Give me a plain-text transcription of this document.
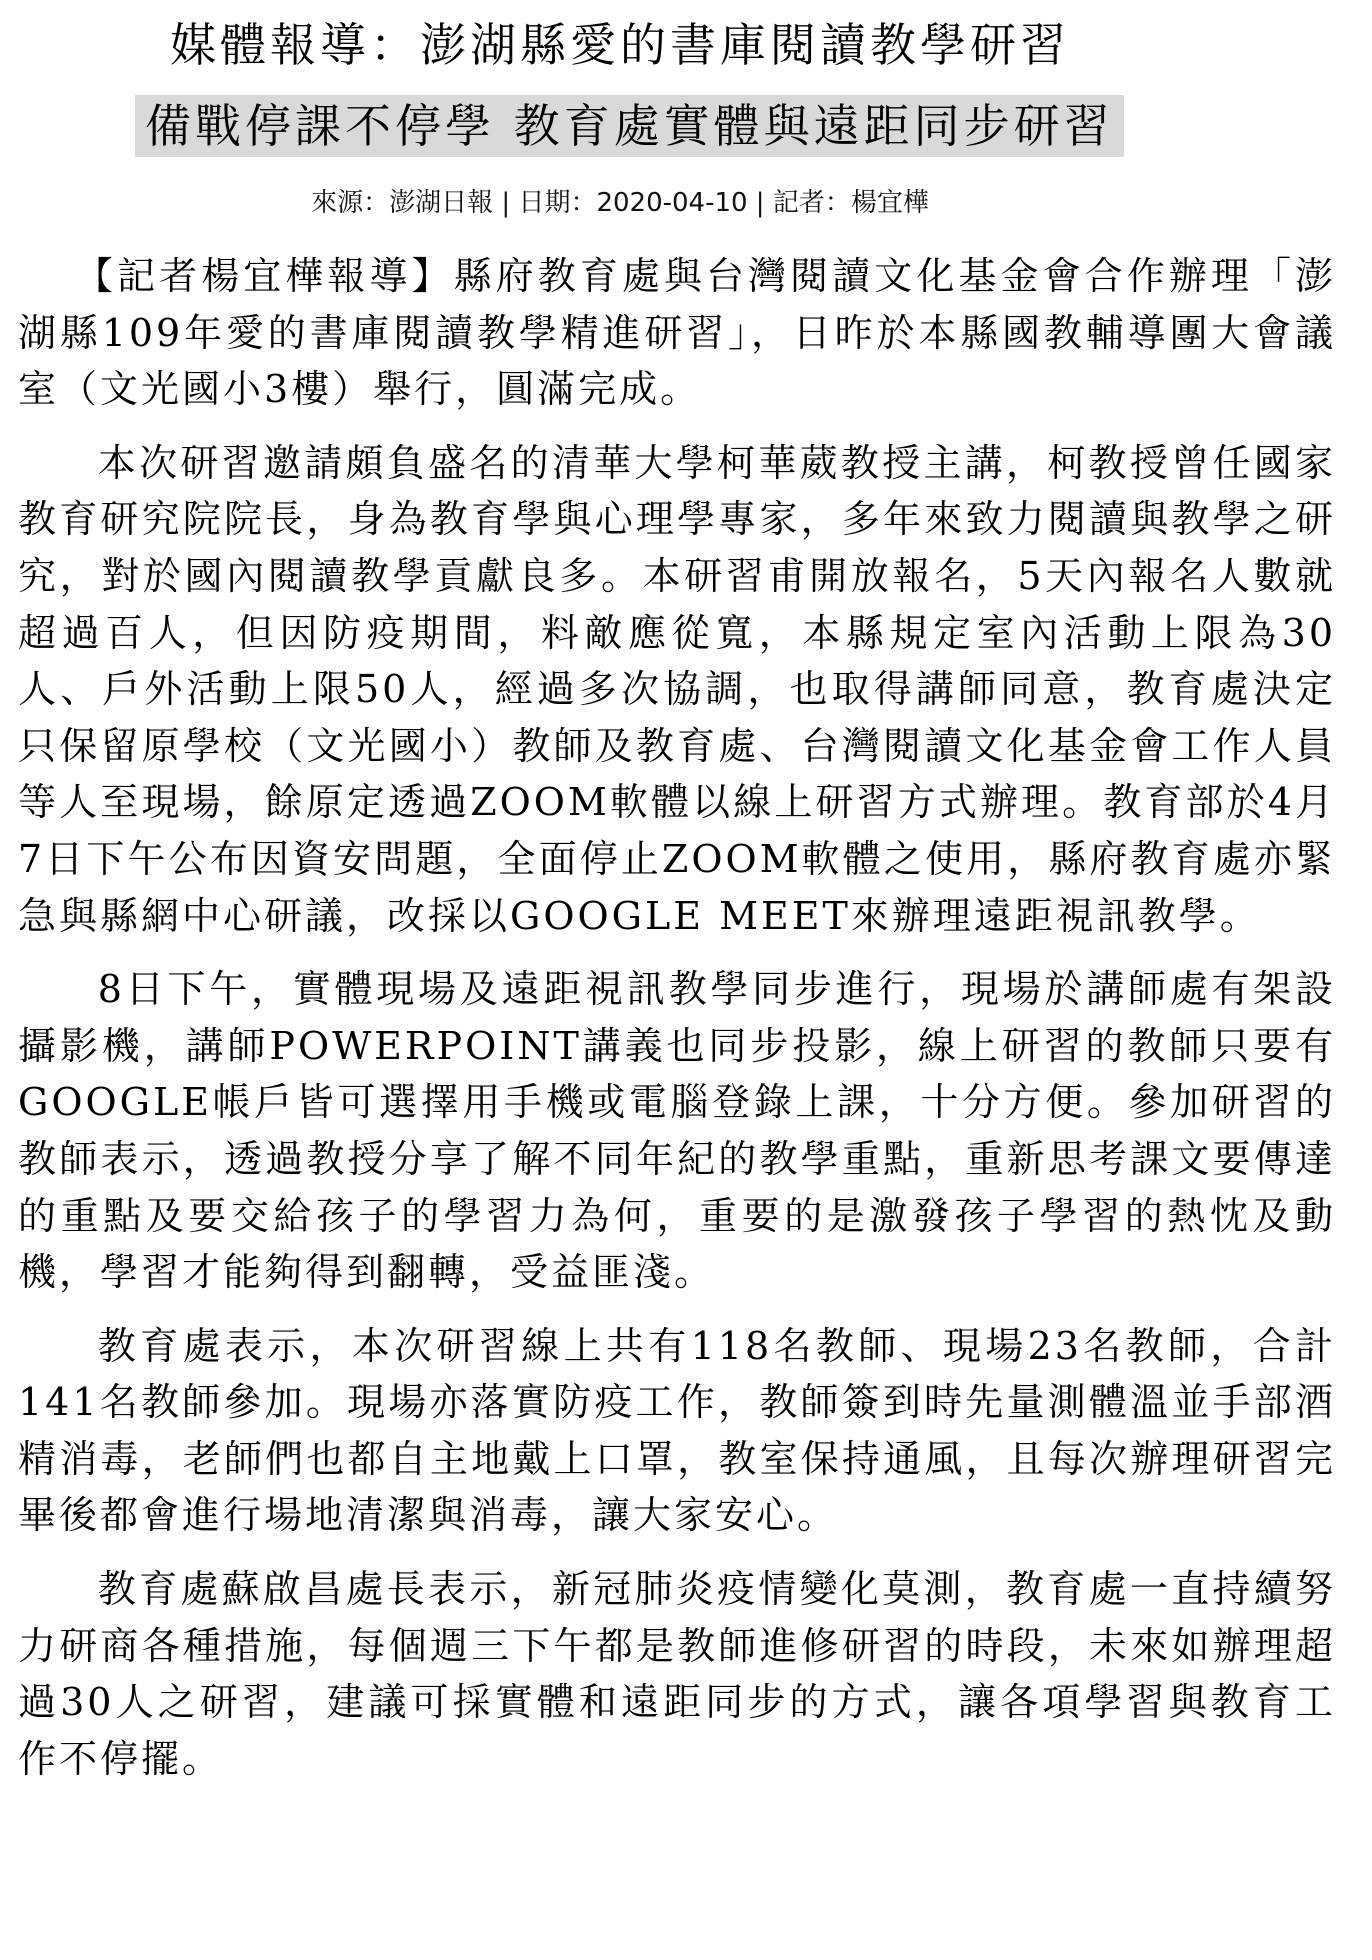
媒體報導：澎湖縣愛的書庫閱讀教學研習
備戰停課不停學 教育處實體與遠距同步研習
來源：澎湖日報 | 日期：2020-04-10 | 記者：楊宜樺

【記者楊宜樺報導】縣府教育處與台灣閱讀文化基金會合作辦理「澎湖縣109年愛的書庫閱讀教學精進研習」，日昨於本縣國教輔導團大會議室（文光國小3樓）舉行，圓滿完成。

本次研習邀請頗負盛名的清華大學柯華葳教授主講，柯教授曾任國家教育研究院院長，身為教育學與心理學專家，多年來致力閱讀與教學之研究，對於國內閱讀教學貢獻良多。本研習甫開放報名，5天內報名人數就超過百人，但因防疫期間，料敵應從寬，本縣規定室內活動上限為30人、戶外活動上限50人，經過多次協調，也取得講師同意，教育處決定只保留原學校（文光國小）教師及教育處、台灣閱讀文化基金會工作人員等人至現場，餘原定透過ZOOM軟體以線上研習方式辦理。教育部於4月7日下午公布因資安問題，全面停止ZOOM軟體之使用，縣府教育處亦緊急與縣網中心研議，改採以GOOGLE MEET來辦理遠距視訊教學。

8日下午，實體現場及遠距視訊教學同步進行，現場於講師處有架設攝影機，講師POWERPOINT講義也同步投影，線上研習的教師只要有GOOGLE帳戶皆可選擇用手機或電腦登錄上課，十分方便。參加研習的教師表示，透過教授分享了解不同年紀的教學重點，重新思考課文要傳達的重點及要交給孩子的學習力為何，重要的是激發孩子學習的熱忱及動機，學習才能夠得到翻轉，受益匪淺。

教育處表示，本次研習線上共有118名教師、現場23名教師，合計141名教師參加。現場亦落實防疫工作，教師簽到時先量測體溫並手部酒精消毒，老師們也都自主地戴上口罩，教室保持通風，且每次辦理研習完畢後都會進行場地清潔與消毒，讓大家安心。

教育處蘇啟昌處長表示，新冠肺炎疫情變化莫測，教育處一直持續努力研商各種措施，每個週三下午都是教師進修研習的時段，未來如辦理超過30人之研習，建議可採實體和遠距同步的方式，讓各項學習與教育工作不停擺。
